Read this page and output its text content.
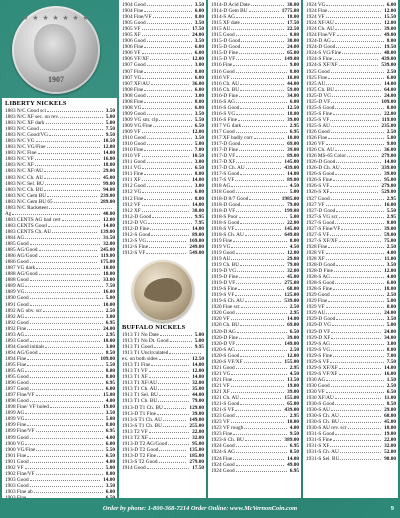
★ ★ ★ ★ ★ ★ ★
1907
LIBERTY NICKELS
1883 N/C Good scr	3.50
1883 N/C XF sec. on rev.	5.00
1883 N/C XF dark	5.00
1883 N/C Good	7.50
1883 N/C Good/VG	9.50
1883 N/C VG	10.50
1883 N/C VG/Fine	12.00
1883 N/C Fine	14.00
1883 N/C VF	16.00
1883 N/C XF	18.00
1883 N/C XF/AU	29.00
1883 N/C Ch. AU	45.00
1883 N/C Sel. BU	99.00
1883 N/C Ch. BU	94.00
1883 N/C Gem BU	239.00
1883 N/C Gem BU 65	289.00
1883 N/C Racketeer
Ag	40.00
1883 CENTS AG bad cert	12.00
1883 CENTS Good	14.00
1883 CENTS Ch. AU	139.00
1884 AG	31.50
1885 Good	32.00
1885 AG/Good	245.00
1886 AG/Good	119.00
1886 Good	175.00
1887 VG dark	10.00
1888 AG/Good	18.00
1888 Good	33.00
1889 AG	7.50
1889 VG	16.00
1890 Good	5.00
1891 Good	10.00
1892 AG obv. scr	2.50
1892 AG	3.00
1892 Good	6.95
1892 Fine	24.00
1893 AG	2.95
1893 Good	10.00
1894 Good initials	3.00
1894 AG/Good	8.50
1894 Fine	109.00
1895 Fine	5.50
1895 AG	8.00
1895 Good	8.00
1896 Good	6.95
1897 Good	6.00
1897 Fine/VF	15.00
1898 Good	4.00
1898 Fine/ VF holed	19.00
1899 AG	3.50
1899 VG	5.00
1899 Fine	8.00
1899 Fine/VF	6.95
1899 Good	4.00
1900 VG	6.00
1900 VG/Fine	5.50
1901 Fine	6.50
1901 Good	4.00
1902 VF	5.00
1902 Fine/VF	8.00
1903 Good	14.00
1903 Good	3.50
1903 Fine ab	6.00
1903 Fine	6.50
1904 Good	3.50
1904 Fine	6.00
1904 Fine/VF	8.00
1905 Good	3.50
1905 VF	17.50
1905 XF	24.00
1906 Good	3.50
1906 Fine	6.00
1906 VF	6.00
1906 VF/XF	12.00
1907 Good	3.00
1907 Fine	8.00
1907 VG	6.00
1907 XF/AU	36.00
1908 Fine	6.00
1908 Good	3.00
1908 Fine	8.00
1908 VG	6.00
1909 Good	3.50
1909 VG sm. clp	5.50
1909 VG/Fine	6.50
1909 VF	12.00
1910 Good	3.50
1910 Good	5.00
1910 Fine	7.00
1910 VF	10.50
1911 Good	3.00
1911 VG	6.50
1911 Fine	8.00
1911 XF	14.00
1912 Good	3.00
1912 VG	6.00
1912 Fine	8.00
1912 VF	14.00
1912 XF	38.00
1912-D Good	9.95
1912-D VG	7.95
1912-D Fine	14.00
1912-S Good	89.00
1912-S VG	169.00
1912-S Fine	249.00
1912-S VF	549.00
BUFFALO NICKELS
1913 T1 No Date	5.00
1913 T1 No Dt. Good	5.00
1913 T1 Good	9.95
1913 T1 Uncirculated
ex. on both sides	12.50
1913 T1 Fine	14.00
1913 T1 VF	12.00
1913 T1 XF	14.00
1913 T1 XF/AU	32.00
1913 T1 Ch. AU	35.00
1913 T1 Sel. BU	44.00
1913 T1 Ch. BU	79.00
1913-D T1 Ch. BU	129.00
1913-D T1 Fine	39.00
1913-S T1 Ch. AU	149.00
1913-S T1 Ch. BU	255.00
1913 T2 VF	22.00
1913 T2 XF	32.00
1913-D T2 AG/Good	95.00
1913-D T2 Good	135.00
1913-D T2 Fine	185.00
1913-S T2 Good	279.00
1914 Good	17.50
1914-D Acid Date	30.00
1914-D Gem BU	1775.00
1914-S AG	18.00
1915 XF date	17.50
1915 AU	22.50
1915 Good	8.00
1915-D Good	30.00
1915-D Good	24.00
1915-D Fine	65.00
1915-D VF	149.00
1916 Fine	9.00
1916 Good	8.00
1916 VF	18.00
1916 Ch. AU	44.00
1916 Ch. BU	59.00
1916-D Fine	34.00
1916-S AG	6.00
1916-S Good	12.50
1916-S VG	18.00
1916-S Fine	39.00
1917 VG dark	2.95
1917 Good	6.95
1917 XF badly corr	10.00
1917-D Good	69.00
1917-D Fine	39.00
1917-D VF	89.00
1917-D XF	145.00
1917-D Ch. AU	439.00
1917-S Good	14.00
1917-S VF	89.00
1918 AG	4.50
1918 Good	5.00
1918-D 8/7 Good	1985.00
1918-D Good	79.00
1918-D VF	199.00
1918-S Poor	5.00
1918-S Good	22.00
1918-S VF	145.00
1918-S Ch. AU	649.00
1919 Fine	8.00
1919 VG	4.50
1919 Good	12.00
1919 AU	29.00
1919 Ch. BU	79.00
1919-D VG	32.00
1919-D Fine	45.00
1919-D VF	275.00
1919-S Fine	68.00
1919-S VF	125.00
1919-S Ch. AU	539.00
1920 Fine sct	2.50
1920 Good	2.95
1920 VF	14.00
1920 Ch. BU	69.00
1920-D AG	6.50
1920-D Fine	39.00
1920-D VF	149.00
1920-S AG	2.50
1920-S Good	12.00
1920-S VF/XF	155.00
1921 Good	2.95
1921 VG	4.50
1921 Fine	13.50
1921 VF	19.00
1921 XF	39.00
1921 Ch. AU	155.00
1921-S Good	65.00
1921-S VF	439.00
1923 Good	2.95
1923 VF	18.00
1923 VF rough	4.00
1923 Fine	9.50
1923-S Ch. BU	389.00
1924 Good	6.95
1924-S AG	8.50
1924 Fine	14.00
1924 Good	49.00
1924 Good	6.95
1924 VG	6.00
1924 Fine	12.00
1924 VF	15.50
1924 XF/AU	12.00
1924 Ch. AU	39.00
1924 Fine/VF	49.00
1924-D AG	8.00
1924-D Good	19.50
1924-S VG/Fine	48.00
1924-S Fine	439.00
1924-S XF/XF	539.00
1925 Good	2.50
1925 Fine	6.00
1925 AU	14.00
1925 Ch. BU	64.00
1925-D VG	24.00
1925-D VF	109.00
1925-S Good	8.00
1925-S Fine	22.00
1925-S VF	119.00
1925-S AU	235.00
1926 Good	2.50
1926 Fine	5.00
1926 VF	9.00
1926 Ch. AU	36.00
1926 MS-65 Color	279.00
1926-D Good	14.00
1926-D Ch. AU	339.00
1926-S Good	39.00
1926-S Fine	95.00
1926-S VF	279.00
1926-S XF	529.00
1927 Good	2.95
1927 VF	16.00
1927-D Good	5.50
1927-S VG scr	2.95
1927-S Good	8.00
1927-S Fine/VF	39.00
1927-S VF	59.00
1927-S XF/XF	75.00
1928 Fine	2.50
1928 VF	4.00
1928 XF	11.00
1928-D Good	3.50
1928-D Fine	12.00
1928-S AG	4.00
1928-S Good	6.00
1928-S Fine	18.00
1929 Good	2.50
1929 Fine	5.00
1929 VF	8.00
1929 AU	24.00
1929-D Good	3.50
1929-D VG	5.00
1929-D VF	24.00
1929-D XF	34.00
1929-S AG	3.00
1929-S VG	8.00
1929-S Fine	7.00
1929-S VF	7.50
1929-S XF/XF	14.00
1929-S VF/XF	16.00
1930 AG	1.50
1930 Good	2.50
1930 VF	6.50
1930 XF/AU	11.00
1930-S Good	8.50
1930-S AU	29.00
1930-S Ch. AU	68.00
1930-S Ch. BU	45.00
1930-S AU rev. scr	18.00
1931-S Good	19.00
1931-S Fine	22.00
1931-S XF	32.00
1931-S Ch. AU	52.00
1931-S Sel. BU	98.00
Order by phone: 1-800-368-7214 Order Online: www.McVernonCoin.com	9
